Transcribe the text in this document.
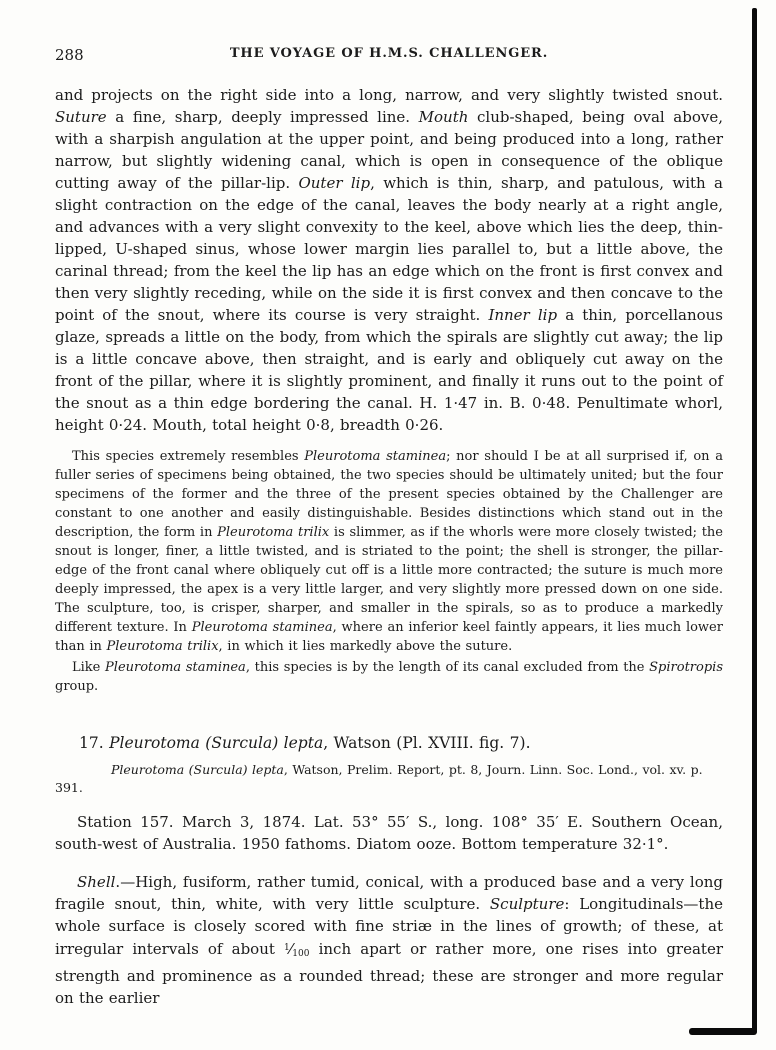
288	THE VOYAGE OF H.M.S. CHALLENGER.

and projects on the right side into a long, narrow, and very slightly twisted snout. Suture a fine, sharp, deeply impressed line. Mouth club-shaped, being oval above, with a sharpish angulation at the upper point, and being produced into a long, rather narrow, but slightly widening canal, which is open in consequence of the oblique cutting away of the pillar-lip. Outer lip, which is thin, sharp, and patulous, with a slight contraction on the edge of the canal, leaves the body nearly at a right angle, and advances with a very slight convexity to the keel, above which lies the deep, thin-lipped, U-shaped sinus, whose lower margin lies parallel to, but a little above, the carinal thread; from the keel the lip has an edge which on the front is first convex and then very slightly receding, while on the side it is first convex and then concave to the point of the snout, where its course is very straight. Inner lip a thin, porcellanous glaze, spreads a little on the body, from which the spirals are slightly cut away; the lip is a little concave above, then straight, and is early and obliquely cut away on the front of the pillar, where it is slightly prominent, and finally it runs out to the point of the snout as a thin edge bordering the canal. H. 1·47 in. B. 0·48. Penultimate whorl, height 0·24. Mouth, total height 0·8, breadth 0·26.

This species extremely resembles Pleurotoma staminea; nor should I be at all surprised if, on a fuller series of specimens being obtained, the two species should be ultimately united; but the four specimens of the former and the three of the present species obtained by the Challenger are constant to one another and easily distinguishable. Besides distinctions which stand out in the description, the form in Pleurotoma trilix is slimmer, as if the whorls were more closely twisted; the snout is longer, finer, a little twisted, and is striated to the point; the shell is stronger, the pillar-edge of the front canal where obliquely cut off is a little more contracted; the suture is much more deeply impressed, the apex is a very little larger, and very slightly more pressed down on one side. The sculpture, too, is crisper, sharper, and smaller in the spirals, so as to produce a markedly different texture. In Pleurotoma staminea, where an inferior keel faintly appears, it lies much lower than in Pleurotoma trilix, in which it lies markedly above the suture.

Like Pleurotoma staminea, this species is by the length of its canal excluded from the Spirotropis group.

17. Pleurotoma (Surcula) lepta, Watson (Pl. XVIII. fig. 7).

Pleurotoma (Surcula) lepta, Watson, Prelim. Report, pt. 8, Journ. Linn. Soc. Lond., vol. xv. p. 391.

Station 157. March 3, 1874. Lat. 53° 55′ S., long. 108° 35′ E. Southern Ocean, south-west of Australia. 1950 fathoms. Diatom ooze. Bottom temperature 32·1°.

Shell.—High, fusiform, rather tumid, conical, with a produced base and a very long fragile snout, thin, white, with very little sculpture. Sculpture: Longitudinals—the whole surface is closely scored with fine striæ in the lines of growth; of these, at irregular intervals of about $^1⁄_{100}$ inch apart or rather more, one rises into greater strength and prominence as a rounded thread; these are stronger and more regular on the earlier
